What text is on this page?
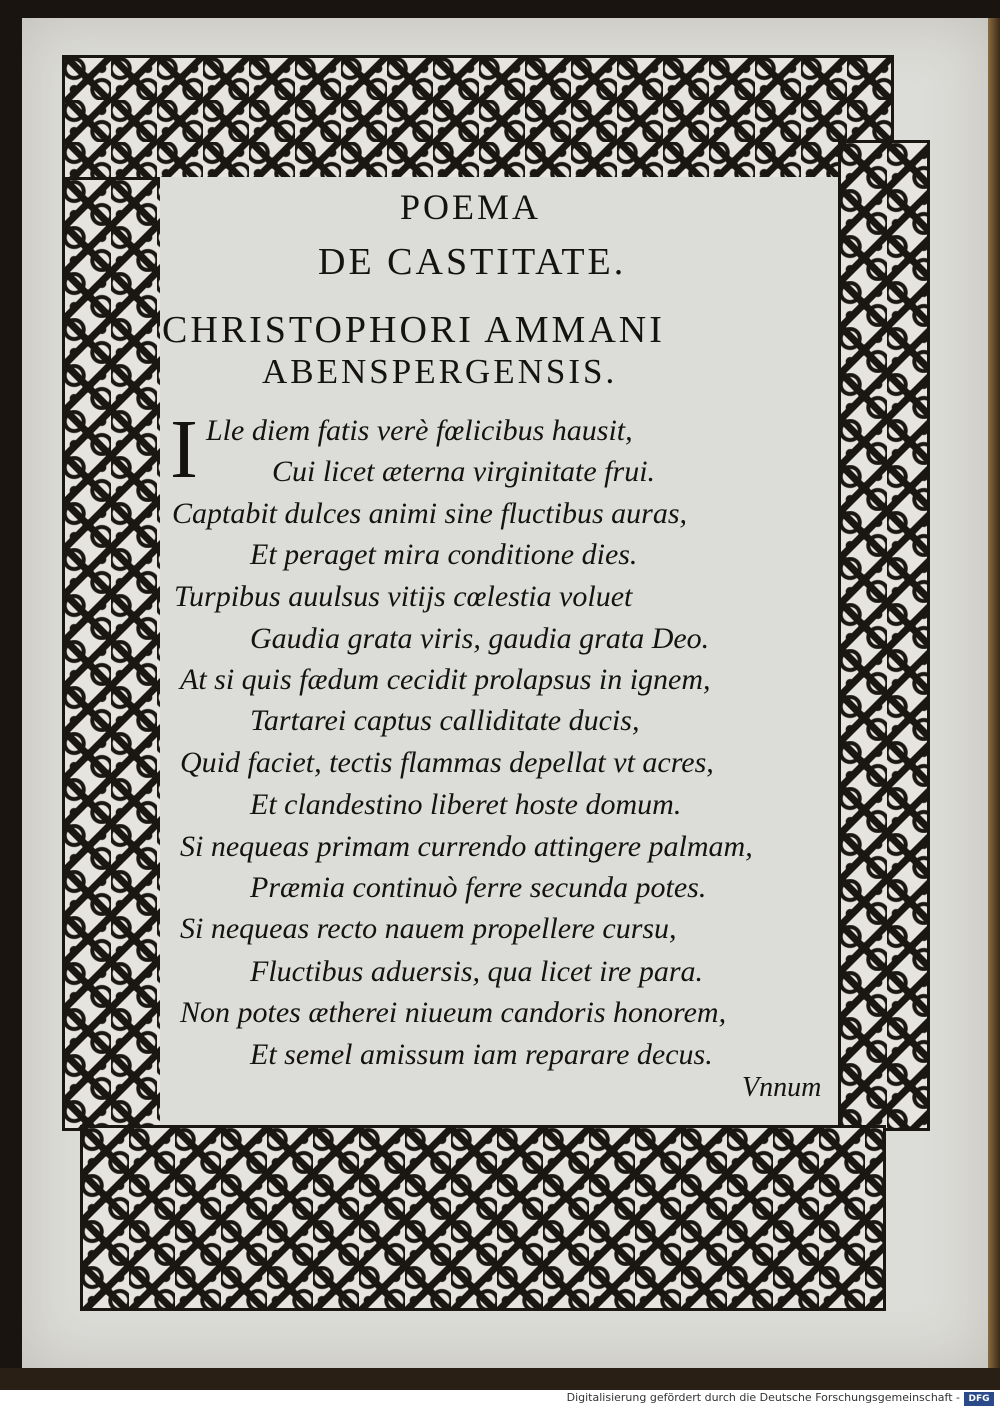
POEMA

DE CASTITATE.

CHRISTOPHORI AMMANI

ABENSPERGENSIS.

I Lle diem fatis verè fœlicibus hausit,

Cui licet æterna virginitate frui.

Captabit dulces animi sine fluctibus auras,

Et peraget mira conditione dies.

Turpibus auulsus vitijs cœlestia voluet

Gaudia grata viris, gaudia grata Deo.

At si quis fædum cecidit prolapsus in ignem,

Tartarei captus calliditate ducis,

Quid faciet, tectis flammas depellat vt acres,

Et clandestino liberet hoste domum.

Si nequeas primam currendo attingere palmam,

Præmia continuò ferre secunda potes.

Si nequeas recto nauem propellere cursu,

Fluctibus aduersis, qua licet ire para.

Non potes ætherei niueum candoris honorem,

Et semel amissum iam reparare decus.

Vnnum

Digitalisierung gefördert durch die Deutsche Forschungsgemeinschaft - DFG
